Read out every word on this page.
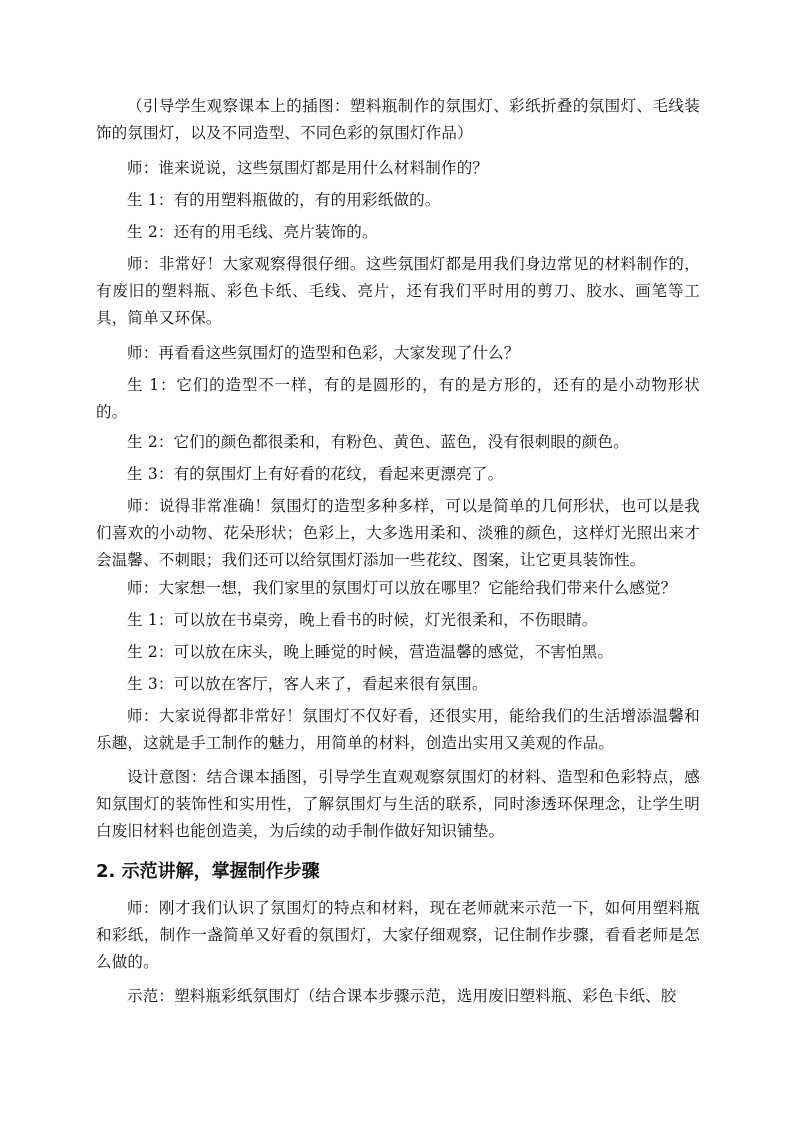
（引导学生观察课本上的插图：塑料瓶制作的氛围灯、彩纸折叠的氛围灯、毛线装饰的氛围灯，以及不同造型、不同色彩的氛围灯作品）

师：谁来说说，这些氛围灯都是用什么材料制作的？

生 1：有的用塑料瓶做的，有的用彩纸做的。

生 2：还有的用毛线、亮片装饰的。

师：非常好！大家观察得很仔细。这些氛围灯都是用我们身边常见的材料制作的，有废旧的塑料瓶、彩色卡纸、毛线、亮片，还有我们平时用的剪刀、胶水、画笔等工具，简单又环保。

师：再看看这些氛围灯的造型和色彩，大家发现了什么？

生 1：它们的造型不一样，有的是圆形的，有的是方形的，还有的是小动物形状的。

生 2：它们的颜色都很柔和，有粉色、黄色、蓝色，没有很刺眼的颜色。

生 3：有的氛围灯上有好看的花纹，看起来更漂亮了。

师：说得非常准确！氛围灯的造型多种多样，可以是简单的几何形状，也可以是我们喜欢的小动物、花朵形状；色彩上，大多选用柔和、淡雅的颜色，这样灯光照出来才会温馨、不刺眼；我们还可以给氛围灯添加一些花纹、图案，让它更具装饰性。

师：大家想一想，我们家里的氛围灯可以放在哪里？它能给我们带来什么感觉？

生 1：可以放在书桌旁，晚上看书的时候，灯光很柔和，不伤眼睛。

生 2：可以放在床头，晚上睡觉的时候，营造温馨的感觉，不害怕黑。

生 3：可以放在客厅，客人来了，看起来很有氛围。

师：大家说得都非常好！氛围灯不仅好看，还很实用，能给我们的生活增添温馨和乐趣，这就是手工制作的魅力，用简单的材料，创造出实用又美观的作品。

设计意图：结合课本插图，引导学生直观观察氛围灯的材料、造型和色彩特点，感知氛围灯的装饰性和实用性，了解氛围灯与生活的联系，同时渗透环保理念，让学生明白废旧材料也能创造美，为后续的动手制作做好知识铺垫。

2. 示范讲解，掌握制作步骤

师：刚才我们认识了氛围灯的特点和材料，现在老师就来示范一下，如何用塑料瓶和彩纸，制作一盏简单又好看的氛围灯，大家仔细观察，记住制作步骤，看看老师是怎么做的。

示范：塑料瓶彩纸氛围灯（结合课本步骤示范，选用废旧塑料瓶、彩色卡纸、胶
